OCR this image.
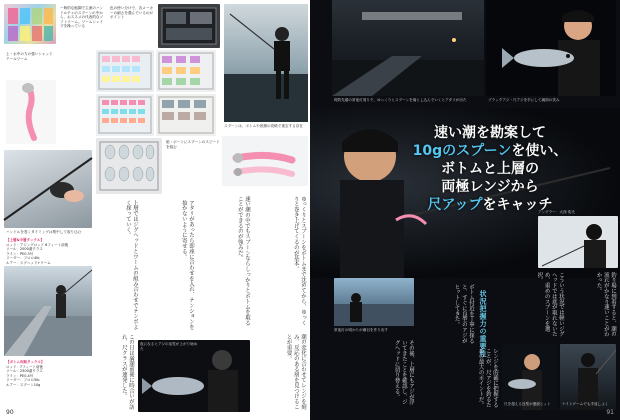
ー般的な鮎鋼で主流のハンドルチャのスプーンの中から、おススメの代表的なソフトワーム。ワームシェイプを操っている
色の使い分けで、各メーカーの細さを選んでいるのがポイント
スプーンは、ボトムや底層の攻略で重宝する存在
上・水中の力の強いシャッドテールワーム
船・ボートにスプーンのスピードを組む
ハンドルを巻くタイミングは集中して取り込む
【上層&中層タックル】
ロッド：アジングロッド 6フィート前後
リール：2000番クラス
ライン：PE0.3号
リーダー：フロロ4lb
ルアー：ジグヘッド+ワーム
【ボトム攻略タックル】
ロッド：7フィート前後
リール：2500番クラス
ライン：PE0.4号
リーダー：フロロ5lb
ルアー：スプーン10g
ゆっくりとスプーンをボトムまで沈めてから、ゆっくりと巻き上げてくるのが基本。
速い潮の中でもスプーンならしっかりとボトムを取ることができるのが強みだ。
アタリがあったら即座に合わせを入れ、テンションを抜かないように寄せる。
上層ではジグヘッドとワームの組み合わせでテンポよく探っていく。
潮の変化に合わせてレンジを刻み、反応のある層を見つけることが重要。
この日は満潮前後に時合いが訪れ、尺クラスが連発した。	夜になるとアジの活性が上がり始めた
90
堤防先端の常夜灯周りで、ゆっくりとスプーンを落とし込んでいくとアタリが出た	ブラックアジ・尺アジを手にして満面の笑み
速い潮を勘案して
10gのスプーンを使い、
ボトムと上層の
両極レンジから
尺アップをキャッチ
アングラー：大西 浩氏
常夜灯の明かりが潮目を作り出す	状況把握力の重要性	釣り場に到着すると、潮の流れがかなり速いことがわかった。
こういう状況では軽いジグヘッドでは底が取れないため、重めのスプーンを選択。
ボトム付近を丁寧に探ると、すぐに良型のアジがヒットしてきた。
その後、上層にもアジが浮いてきたことを確認し、ジグヘッドに切り替える。	レンジを的確に把握することが、尺アジを釣るための最大のポイントだ。	尺を超える良型が連続ヒット	ナイトゲームでも手返しよく
91
